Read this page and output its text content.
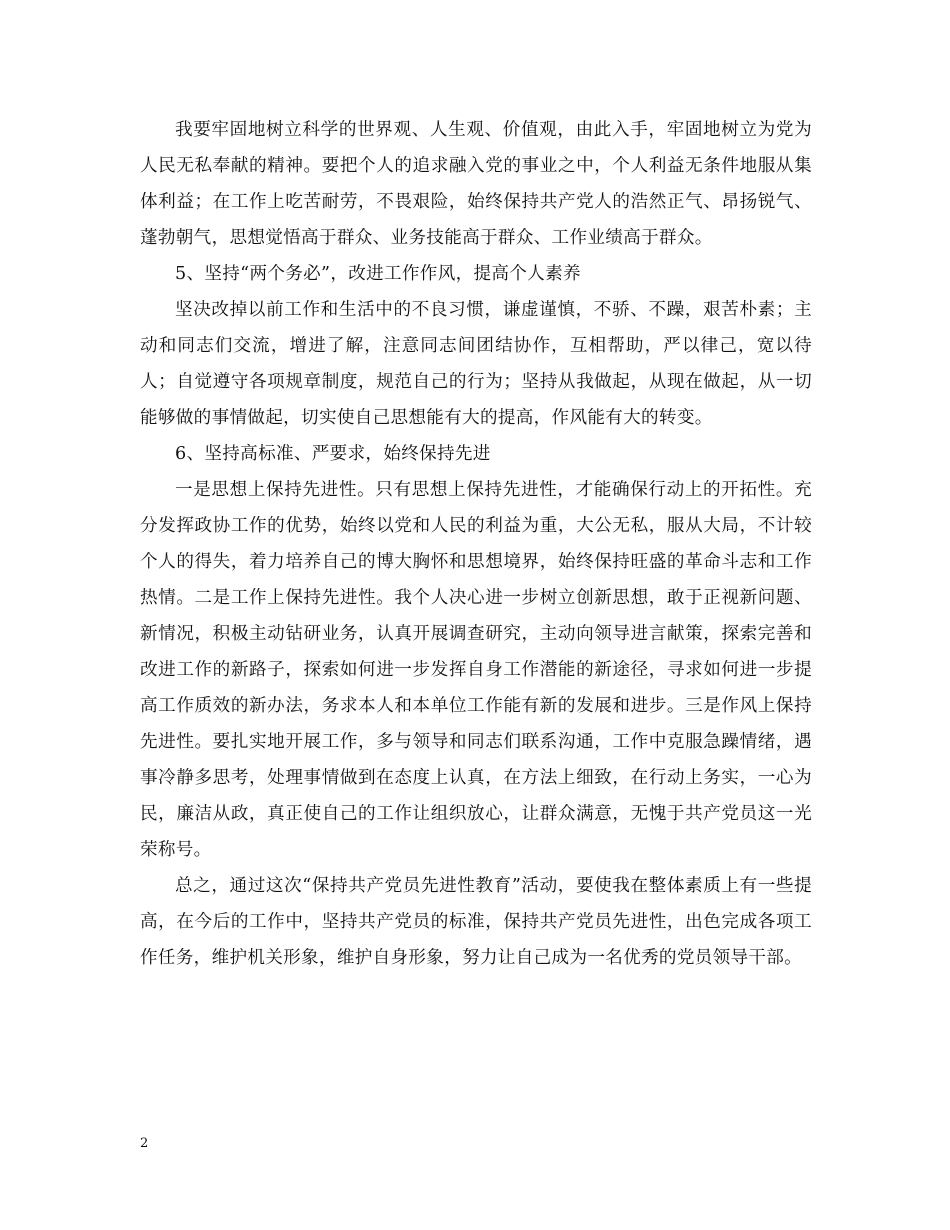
我要牢固地树立科学的世界观、人生观、价值观，由此入手，牢固地树立为党为人民无私奉献的精神。要把个人的追求融入党的事业之中，个人利益无条件地服从集体利益；在工作上吃苦耐劳，不畏艰险，始终保持共产党人的浩然正气、昂扬锐气、蓬勃朝气，思想觉悟高于群众、业务技能高于群众、工作业绩高于群众。

5、坚持“两个务必”，改进工作作风，提高个人素养

坚决改掉以前工作和生活中的不良习惯，谦虚谨慎，不骄、不躁，艰苦朴素；主动和同志们交流，增进了解，注意同志间团结协作，互相帮助，严以律己，宽以待人；自觉遵守各项规章制度，规范自己的行为；坚持从我做起，从现在做起，从一切能够做的事情做起，切实使自己思想能有大的提高，作风能有大的转变。

6、坚持高标准、严要求，始终保持先进

一是思想上保持先进性。只有思想上保持先进性，才能确保行动上的开拓性。充分发挥政协工作的优势，始终以党和人民的利益为重，大公无私，服从大局，不计较个人的得失，着力培养自己的博大胸怀和思想境界，始终保持旺盛的革命斗志和工作热情。二是工作上保持先进性。我个人决心进一步树立创新思想，敢于正视新问题、新情况，积极主动钻研业务，认真开展调查研究，主动向领导进言献策，探索完善和改进工作的新路子，探索如何进一步发挥自身工作潜能的新途径，寻求如何进一步提高工作质效的新办法，务求本人和本单位工作能有新的发展和进步。三是作风上保持先进性。要扎实地开展工作，多与领导和同志们联系沟通，工作中克服急躁情绪，遇事冷静多思考，处理事情做到在态度上认真，在方法上细致，在行动上务实，一心为民，廉洁从政，真正使自己的工作让组织放心，让群众满意，无愧于共产党员这一光荣称号。

总之，通过这次“保持共产党员先进性教育”活动，要使我在整体素质上有一些提高，在今后的工作中，坚持共产党员的标准，保持共产党员先进性，出色完成各项工作任务，维护机关形象，维护自身形象，努力让自己成为一名优秀的党员领导干部。

2
